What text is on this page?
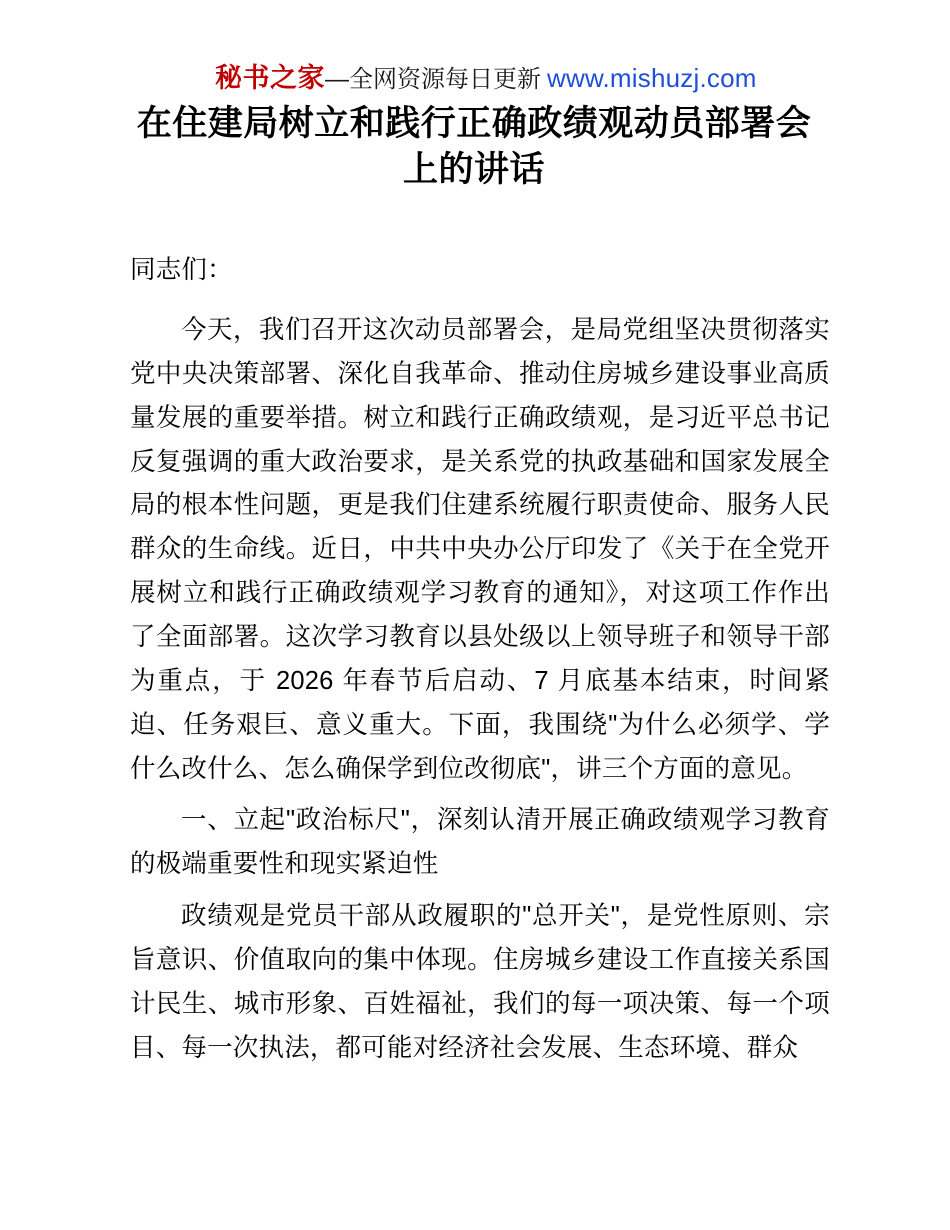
秘书之家 — 全网资源每日更新 www.mishuzj.com
在住建局树立和践行正确政绩观动员部署会上的讲话

同志们：

今天，我们召开这次动员部署会，是局党组坚决贯彻落实党中央决策部署、深化自我革命、推动住房城乡建设事业高质量发展的重要举措。树立和践行正确政绩观，是习近平总书记反复强调的重大政治要求，是关系党的执政基础和国家发展全局的根本性问题，更是我们住建系统履行职责使命、服务人民群众的生命线。近日，中共中央办公厅印发了《关于在全党开展树立和践行正确政绩观学习教育的通知》，对这项工作作出了全面部署。这次学习教育以县处级以上领导班子和领导干部为重点，于 2026 年春节后启动、7 月底基本结束，时间紧迫、任务艰巨、意义重大。下面，我围绕"为什么必须学、学什么改什么、怎么确保学到位改彻底"，讲三个方面的意见。

一、立起"政治标尺"，深刻认清开展正确政绩观学习教育的极端重要性和现实紧迫性

政绩观是党员干部从政履职的"总开关"，是党性原则、宗旨意识、价值取向的集中体现。住房城乡建设工作直接关系国计民生、城市形象、百姓福祉，我们的每一项决策、每一个项目、每一次执法，都可能对经济社会发展、生态环境、群众
